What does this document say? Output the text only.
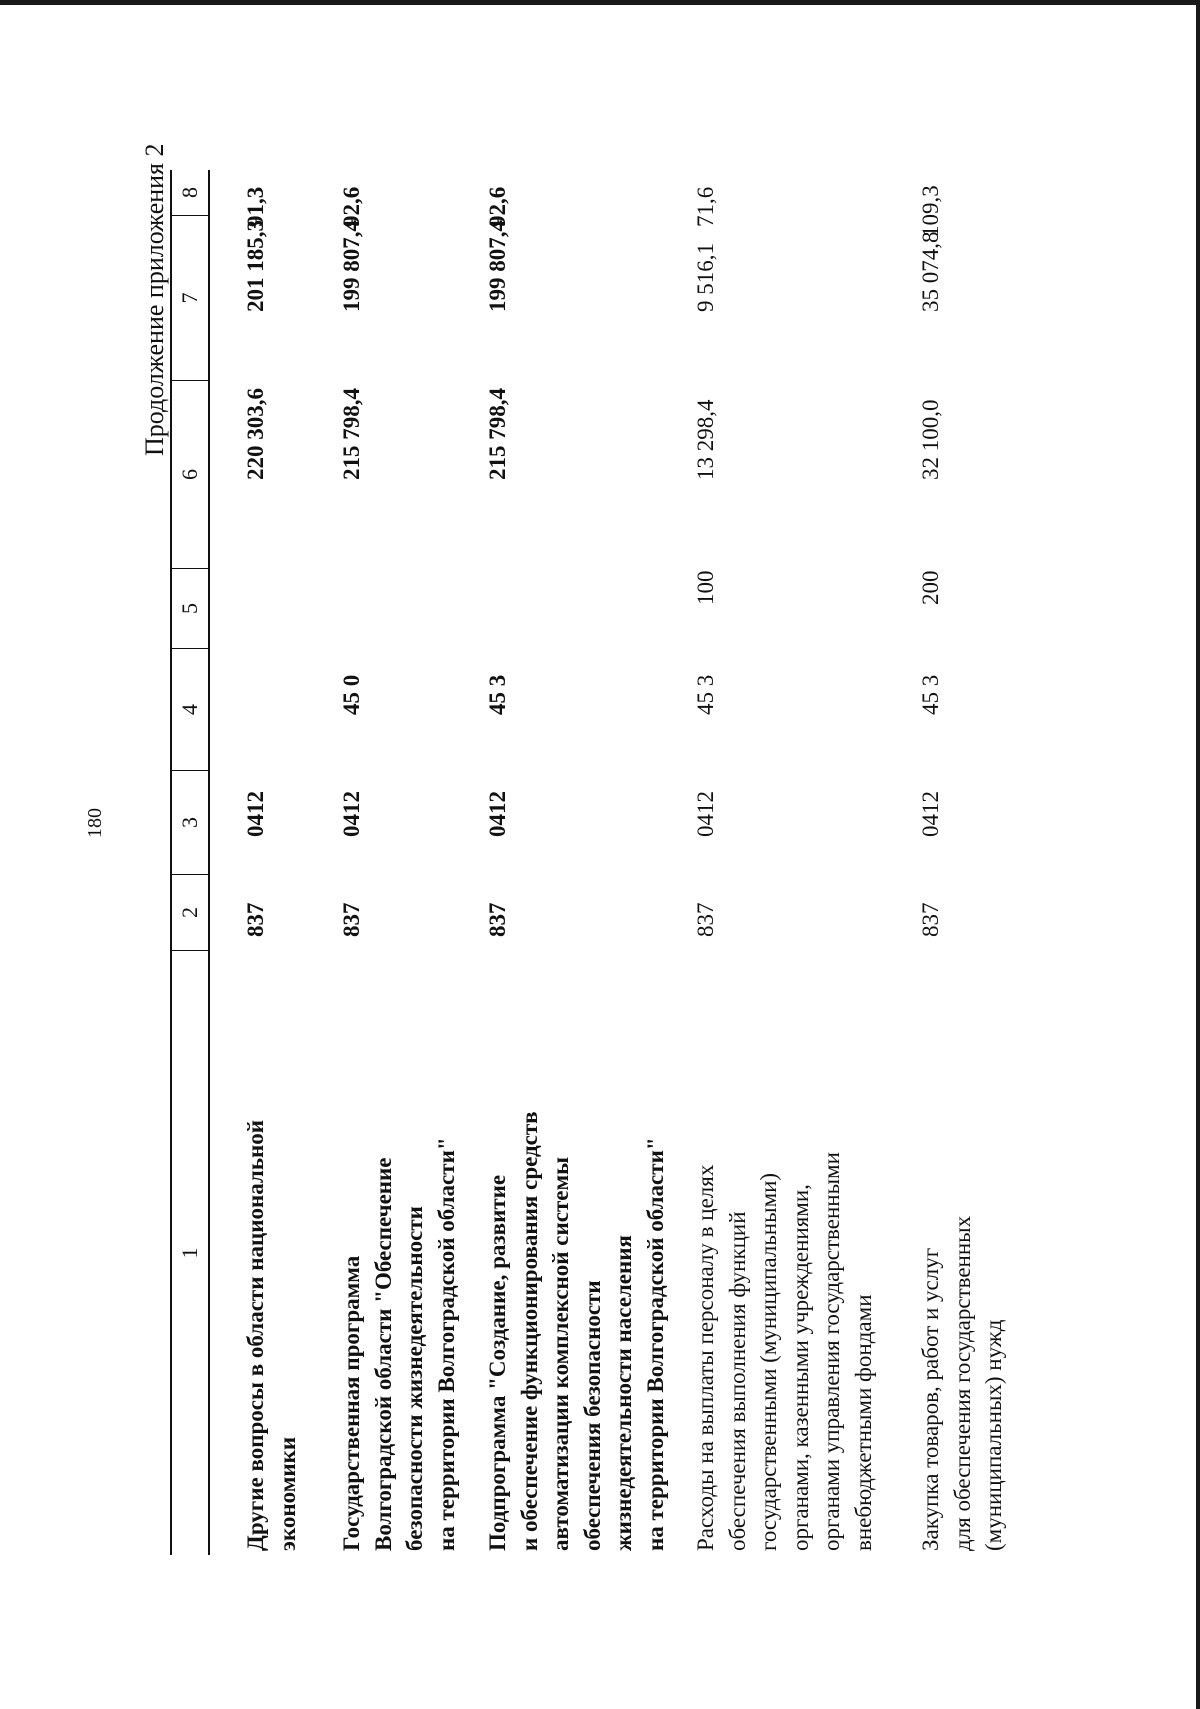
180
Продолжение приложения 2
1
2
3
4
5
6
7
8
Другие вопросы в области национальной экономики
837
0412
220 303,6
201 185,3
91,3
Государственная программа Волгоградской области "Обеспечение безопасности жизнедеятельности на территории Волгоградской области"
837
0412
45 0
215 798,4
199 807,4
92,6
Подпрограмма "Создание, развитие и обеспечение функционирования средств автоматизации комплексной системы обеспечения безопасности жизнедеятельности населения на территории Волгоградской области"
837
0412
45 3
215 798,4
199 807,4
92,6
Расходы на выплаты персоналу в целях обеспечения выполнения функций государственными (муниципальными) органами, казенными учреждениями, органами управления государственными внебюджетными фондами
837
0412
45 3
100
13 298,4
9 516,1
71,6
Закупка товаров, работ и услуг для обеспечения государственных (муниципальных) нужд
837
0412
45 3
200
32 100,0
35 074,8
109,3
